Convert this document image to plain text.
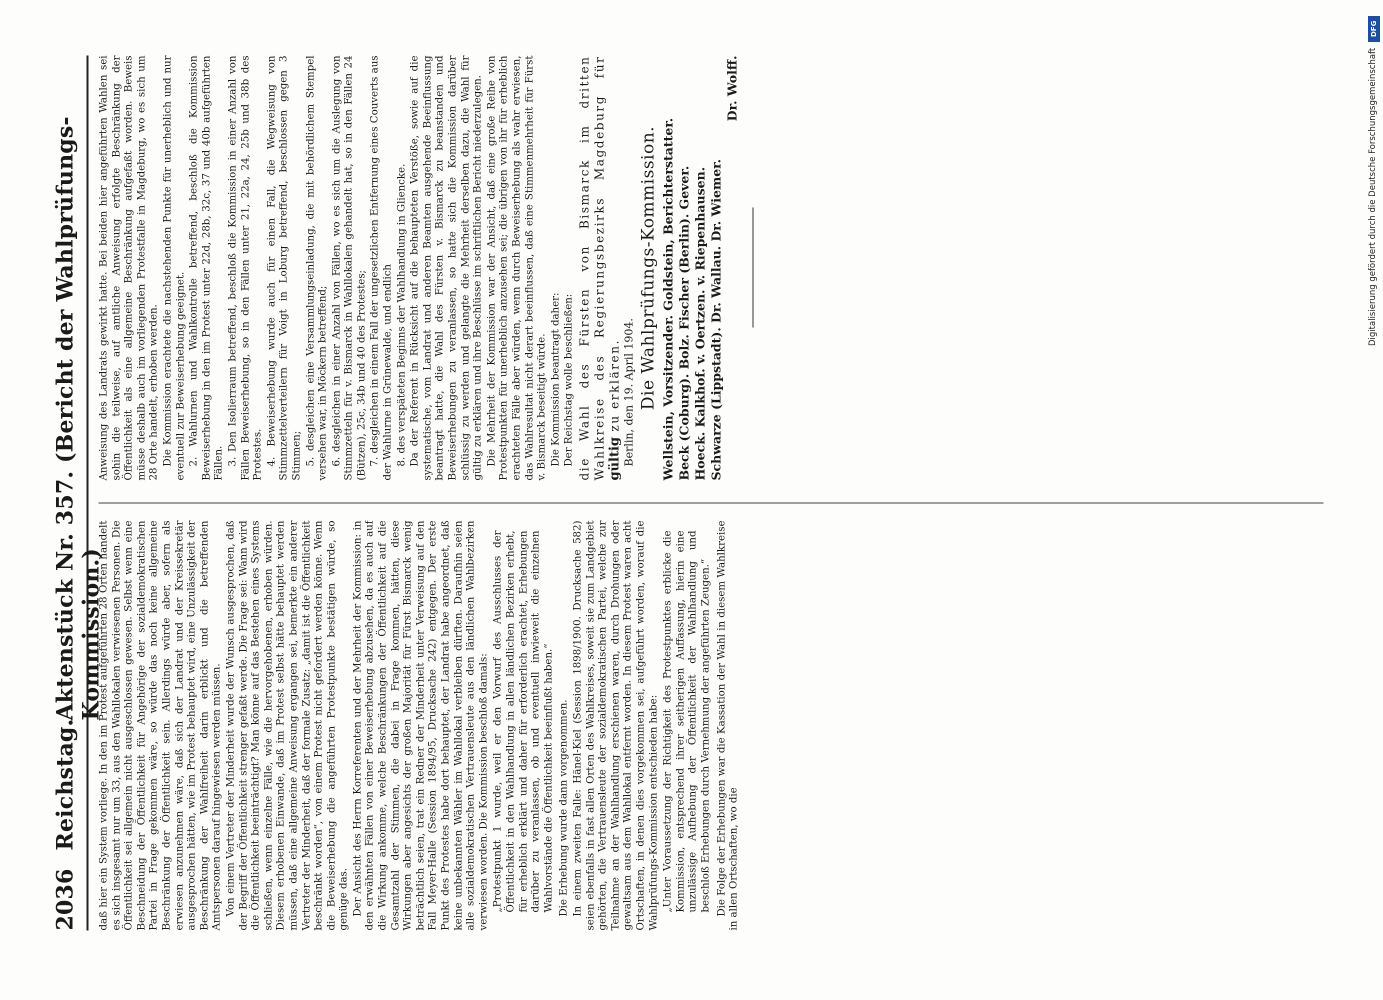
2036
Reichstag.
Aktenstück Nr. 357. (Bericht der Wahlprüfungs-Kommission.)

daß hier ein System vorliege. In den im Protest aufgeführten 28 Orten handelt es sich insgesamt nur um 33, aus den Wahllokalen verwiesenen Personen. Die Öffentlichkeit sei allgemein nicht ausgeschlossen gewesen. Selbst wenn eine Beschneidung der Öffentlichkeit für Angehörige der sozialdemokratischen Partei in Frage gekommen wäre, so würde das noch keine allgemeine Beschränkung der Öffentlichkeit sein. Allerdings würde aber, sofern als erwiesen anzunehmen wäre, daß sich der Landrat und der Kreissekretär ausgesprochen hätten, wie im Protest behauptet wird, eine Unzulässigkeit der Beschränkung der Wahlfreiheit darin erblickt und die betreffenden Amtspersonen darauf hingewiesen werden müssen. Von einem Vertreter der Minderheit wurde der Wunsch ausgesprochen, daß der Begriff der Öffentlichkeit strenger gefaßt werde. Die Frage sei: Wann wird die Öffentlichkeit beeinträchtigt? Man könne auf das Bestehen eines Systems schließen, wenn einzelne Fälle, wie die hervorgehobenen, erhoben würden. Diesem erhobenen Einwande, daß im Protest selbst hätte behauptet werden müssen, daß eine allgemeine Anweisung ergangen sei, bemerkte ein anderer Vertreter der Minderheit, daß der formale Zusatz: „damit ist die Öffentlichkeit beschränkt worden“, von einem Protest nicht gefordert werden könne. Wenn die Beweiserhebung die angeführten Protestpunkte bestätigen würde, so genüge das. Der Ansicht des Herrn Korreferenten und der Mehrheit der Kommission: in den erwähnten Fällen von einer Beweiserhebung abzusehen, da es auch auf die Wirkung ankomme, welche Beschränkungen der Öffentlichkeit auf die Gesamtzahl der Stimmen, die dabei in Frage kommen, hätten, diese Wirkungen aber angesichts der großen Majorität für Fürst Bismarck wenig beträchtlich seien, trat ein Redner der Minderheit unter Verweisung auf den Fall Meyer-Halle (Session 1894/95, Drucksache 242) entgegen. Der erste Punkt des Protestes habe dort behauptet, der Landrat habe angeordnet, daß keine unbekannten Wähler im Wahllokal verbleiben dürften. Daraufhin seien alle sozialdemokratischen Vertrauensleute aus den ländlichen Wahlbezirken verwiesen worden. Die Kommission beschloß damals: „Protestpunkt 1 wurde, weil er den Vorwurf des Ausschlusses der Öffentlichkeit in den Wahlhandlung in allen ländlichen Bezirken erhebt, für erheblich erklärt und daher für erforderlich erachtet, Erhebungen darüber zu veranlassen, ob und eventuell inwieweit die einzelnen Wahlvorstände die Öffentlichkeit beeinflußt haben.“ Die Erhebung wurde dann vorgenommen. In einem zweiten Falle: Hänel-Kiel (Session 1898/1900. Drucksache 582) seien ebenfalls in fast allen Orten des Wahlkreises, soweit sie zum Landgebiet gehörten, die Vertrauensleute der sozialdemokratischen Partei, welche zur Teilnahme an der Wahlhandlung erschienen waren, durch Drohungen oder gewaltsam aus dem Wahllokal entfernt worden. In diesem Protest waren acht Ortschaften, in denen dies vorgekommen sei, aufgeführt worden, worauf die Wahlprüfungs-Kommission entschieden habe: „Unter Voraussetzung der Richtigkeit des Protestpunktes erblicke die Kommission, entsprechend ihrer seitherigen Auffassung, hierin eine unzulässige Aufhebung der Öffentlichkeit der Wahlhandlung und beschloß Erhebungen durch Vernehmung der angeführten Zeugen.“ Die Folge der Erhebungen war die Kassation der Wahl in diesem Wahlkreise in allen Ortschaften, wo die

Anweisung des Landrats gewirkt hatte. Bei beiden hier angeführten Wahlen sei sohin die teilweise, auf amtliche Anweisung erfolgte Beschränkung der Öffentlichkeit als eine allgemeine Beschränkung aufgefaßt worden. Beweis müsse deshalb auch im vorliegenden Protestfalle in Magdeburg, wo es sich um 28 Orte handelt, erhoben werden. Die Kommission erachtete die nachstehenden Punkte für unerheblich und nur eventuell zur Beweiserhebung geeignet. 2. Wahlurnen und Wahlkontrolle betreffend, beschloß die Kommission Beweiserhebung in den im Protest unter 22d, 28b, 32c, 37 und 40b aufgeführten Fällen. 3. Den Isolierraum betreffend, beschloß die Kommission in einer Anzahl von Fällen Beweiserhebung, so in den Fällen unter 21, 22a, 24, 25b und 38b des Protestes. 4. Beweiserhebung wurde auch für einen Fall, die Wegweisung von Stimmzettelverteilern für Voigt in Loburg betreffend, beschlossen gegen 3 Stimmen; 5. desgleichen eine Versammlungseinladung, die mit behördlichem Stempel versehen war, in Möckern betreffend; 6. desgleichen in einer Anzahl von Fällen, wo es sich um die Auslegung von Stimmzetteln für v. Bismarck in Wahllokalen gehandelt hat, so in den Fällen 24 (Bützen), 25c, 34b und 40 des Protestes; 7. desgleichen in einem Fall der ungesetzlichen Entfernung eines Couverts aus der Wahlurne in Grünewalde, und endlich 8. des verspäteten Beginns der Wahlhandlung in Gliencke. Da der Referent in Rücksicht auf die behaupteten Verstöße, sowie auf die systematische, vom Landrat und anderen Beamten ausgehende Beeinflussung beantragt hatte, die Wahl des Fürsten v. Bismarck zu beanstanden und Beweiserhebungen zu veranlassen, so hatte sich die Kommission darüber schlüssig zu werden und gelangte die Mehrheit derselben dazu, die Wahl für gültig zu erklären und ihre Beschlüsse im schriftlichen Bericht niederzulegen. Die Mehrheit der Kommission war der Ansicht, daß eine große Reihe von Protestpunkten für unerheblich anzusehen sei; die übrigen von ihr für erheblich erachteten Fälle aber würden, wenn durch Beweiserhebung als wahr erwiesen, das Wahlresultat nicht derart beeinflussen, daß eine Stimmenmehrheit für Fürst v. Bismarck beseitigt würde. Die Kommission beantragt daher: Der Reichstag wolle beschließen: die Wahl des Fürsten von Bismarck im dritten Wahlkreise des Regierungsbezirks Magdeburg für gültig zu erklären. Berlin, den 19. April 1904. Die Wahlprüfungs-Kommission. Wellstein, Vorsitzender. Goldstein, Berichterstatter. Beck (Coburg). Bolz. Fischer (Berlin). Gever. Hoeck. Kalkhof. v. Oertzen. v. Riepenhausen. Schwarze (Lippstadt). Dr. Wallau. Dr. Wiemer.
Dr. Wolff.
DFG
Digitalisierung gefördert durch die Deutsche Forschungsgemeinschaft
